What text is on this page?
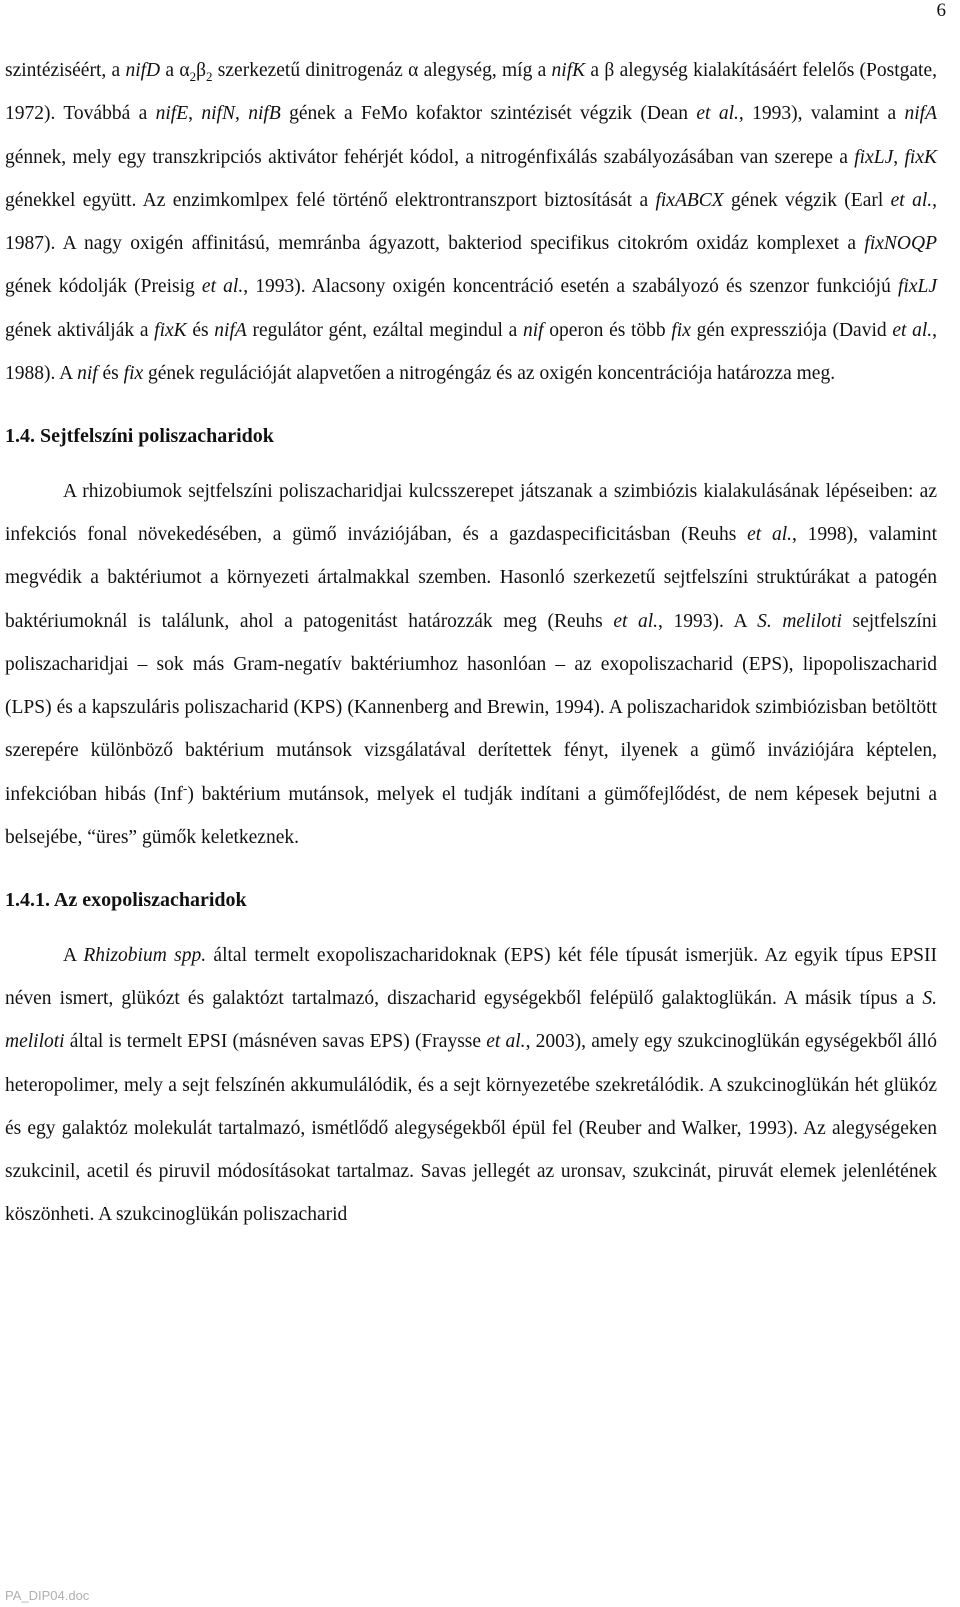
6

szintéziséért, a nifD a $\alpha_2\beta_2$ szerkezetű dinitrogenáz α alegység, míg a nifK a β alegység kialakításáért felelős (Postgate, 1972). Továbbá a nifE, nifN, nifB gének a FeMo kofaktor szintézisét végzik (Dean et al., 1993), valamint a nifA génnek, mely egy transzkripciós aktivátor fehérjét kódol, a nitrogénfixálás szabályozásában van szerepe a fixLJ, fixK génekkel együtt. Az enzimkomlpex felé történő elektrontranszport biztosítását a fixABCX gének végzik (Earl et al., 1987). A nagy oxigén affinitású, memránba ágyazott, bakteriod specifikus citokróm oxidáz komplexet a fixNOQP gének kódolják (Preisig et al., 1993). Alacsony oxigén koncentráció esetén a szabályozó és szenzor funkciójú fixLJ gének aktiválják a fixK és nifA regulátor gént, ezáltal megindul a nif operon és több fix gén expressziója (David et al., 1988). A nif és fix gének regulációját alapvetően a nitrogéngáz és az oxigén koncentrációja határozza meg.

1.4. Sejtfelszíni poliszacharidok

A rhizobiumok sejtfelszíni poliszacharidjai kulcsszerepet játszanak a szimbiózis kialakulásának lépéseiben: az infekciós fonal növekedésében, a gümő inváziójában, és a gazdaspecificitásban (Reuhs et al., 1998), valamint megvédik a baktériumot a környezeti ártalmakkal szemben. Hasonló szerkezetű sejtfelszíni struktúrákat a patogén baktériumoknál is találunk, ahol a patogenitást határozzák meg (Reuhs et al., 1993). A S. meliloti sejtfelszíni poliszacharidjai – sok más Gram-negatív baktériumhoz hasonlóan – az exopoliszacharid (EPS), lipopoliszacharid (LPS) és a kapszuláris poliszacharid (KPS) (Kannenberg and Brewin, 1994). A poliszacharidok szimbiózisban betöltött szerepére különböző baktérium mutánsok vizsgálatával derítettek fényt, ilyenek a gümő inváziójára képtelen, infekcióban hibás (Inf-) baktérium mutánsok, melyek el tudják indítani a gümőfejlődést, de nem képesek bejutni a belsejébe, “üres” gümők keletkeznek.

1.4.1. Az exopoliszacharidok

A Rhizobium spp. által termelt exopoliszacharidoknak (EPS) két féle típusát ismerjük. Az egyik típus EPSII néven ismert, glükózt és galaktózt tartalmazó, diszacharid egységekből felépülő galaktoglükán. A másik típus a S. meliloti által is termelt EPSI (másnéven savas EPS) (Fraysse et al., 2003), amely egy szukcinoglükán egységekből álló heteropolimer, mely a sejt felszínén akkumulálódik, és a sejt környezetébe szekretálódik. A szukcinoglükán hét glükóz és egy galaktóz molekulát tartalmazó, ismétlődő alegységekből épül fel (Reuber and Walker, 1993). Az alegységeken szukcinil, acetil és piruvil módosításokat tartalmaz. Savas jellegét az uronsav, szukcinát, piruvát elemek jelenlétének köszönheti. A szukcinoglükán poliszacharid

PA_DIP04.doc
